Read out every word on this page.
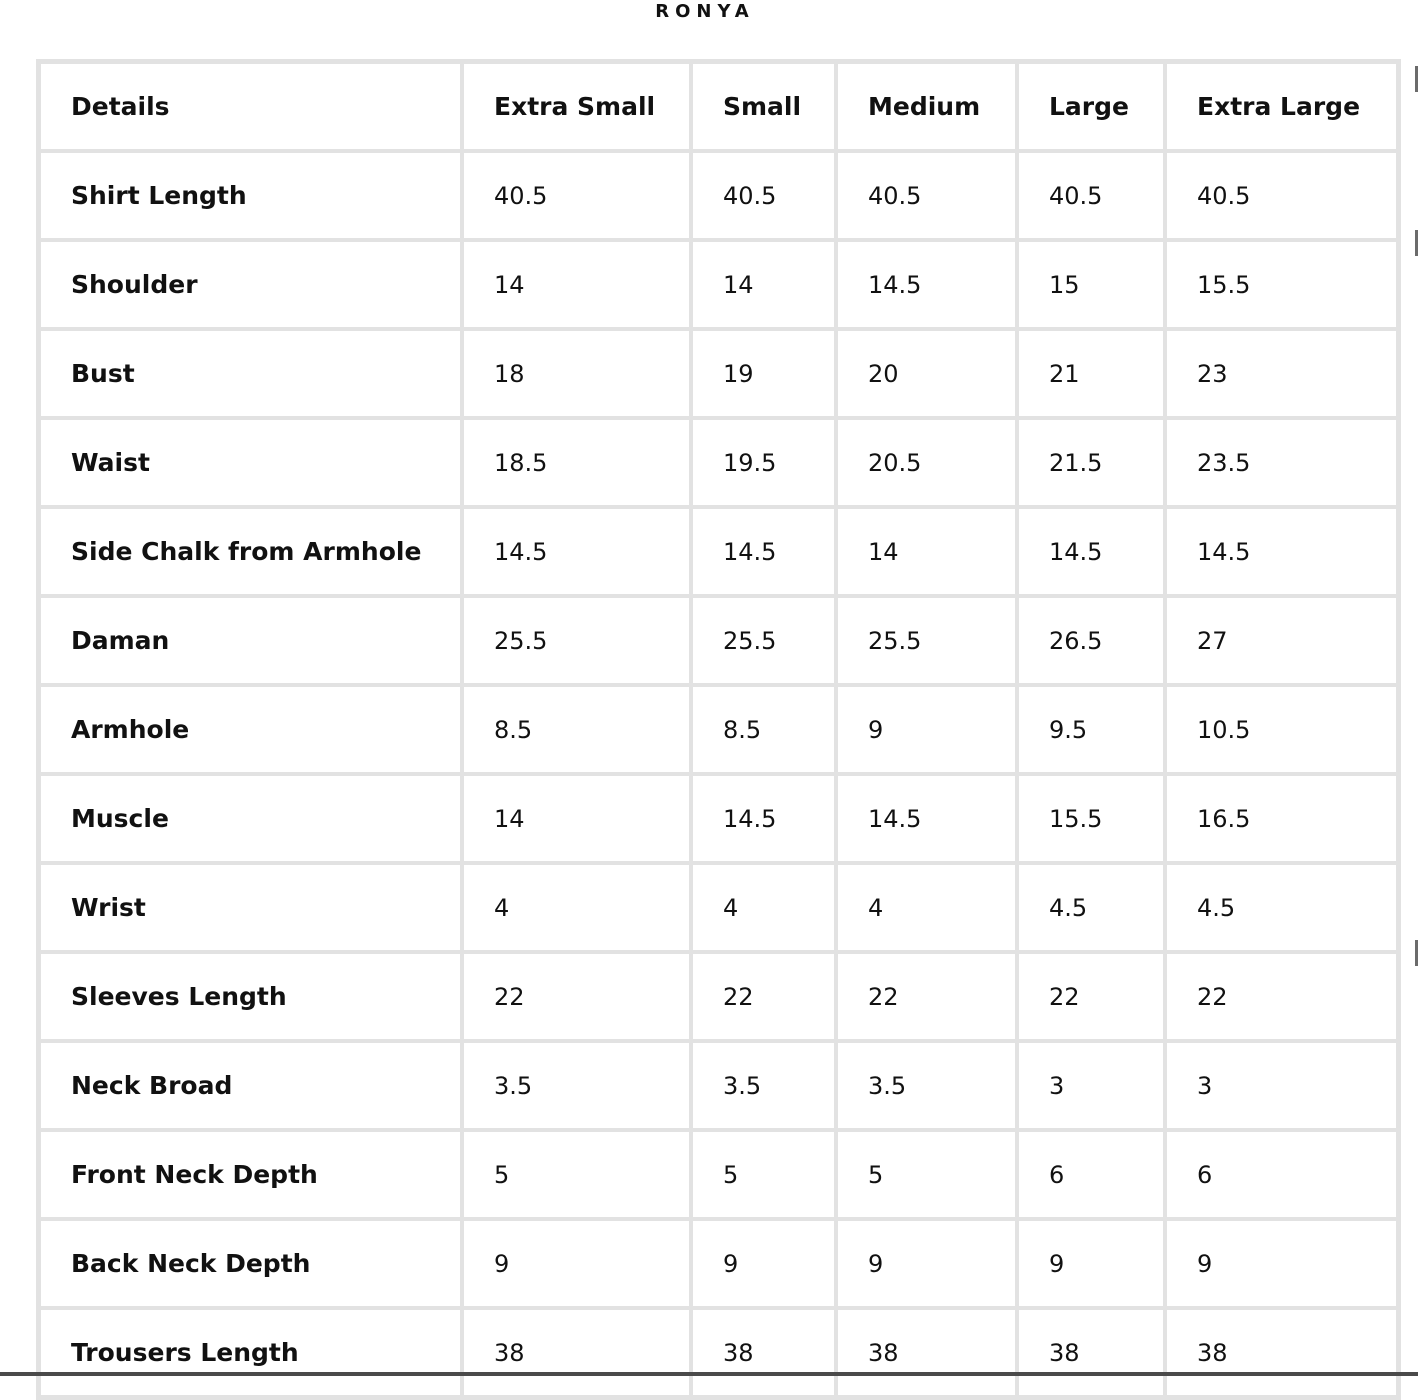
RONYA
Details	Extra Small	Small	Medium	Large	Extra Large
Shirt Length	40.5	40.5	40.5	40.5	40.5
Shoulder	14	14	14.5	15	15.5
Bust	18	19	20	21	23
Waist	18.5	19.5	20.5	21.5	23.5
Side Chalk from Armhole	14.5	14.5	14	14.5	14.5
Daman	25.5	25.5	25.5	26.5	27
Armhole	8.5	8.5	9	9.5	10.5
Muscle	14	14.5	14.5	15.5	16.5
Wrist	4	4	4	4.5	4.5
Sleeves Length	22	22	22	22	22
Neck Broad	3.5	3.5	3.5	3	3
Front Neck Depth	5	5	5	6	6
Back Neck Depth	9	9	9	9	9
Trousers Length	38	38	38	38	38
